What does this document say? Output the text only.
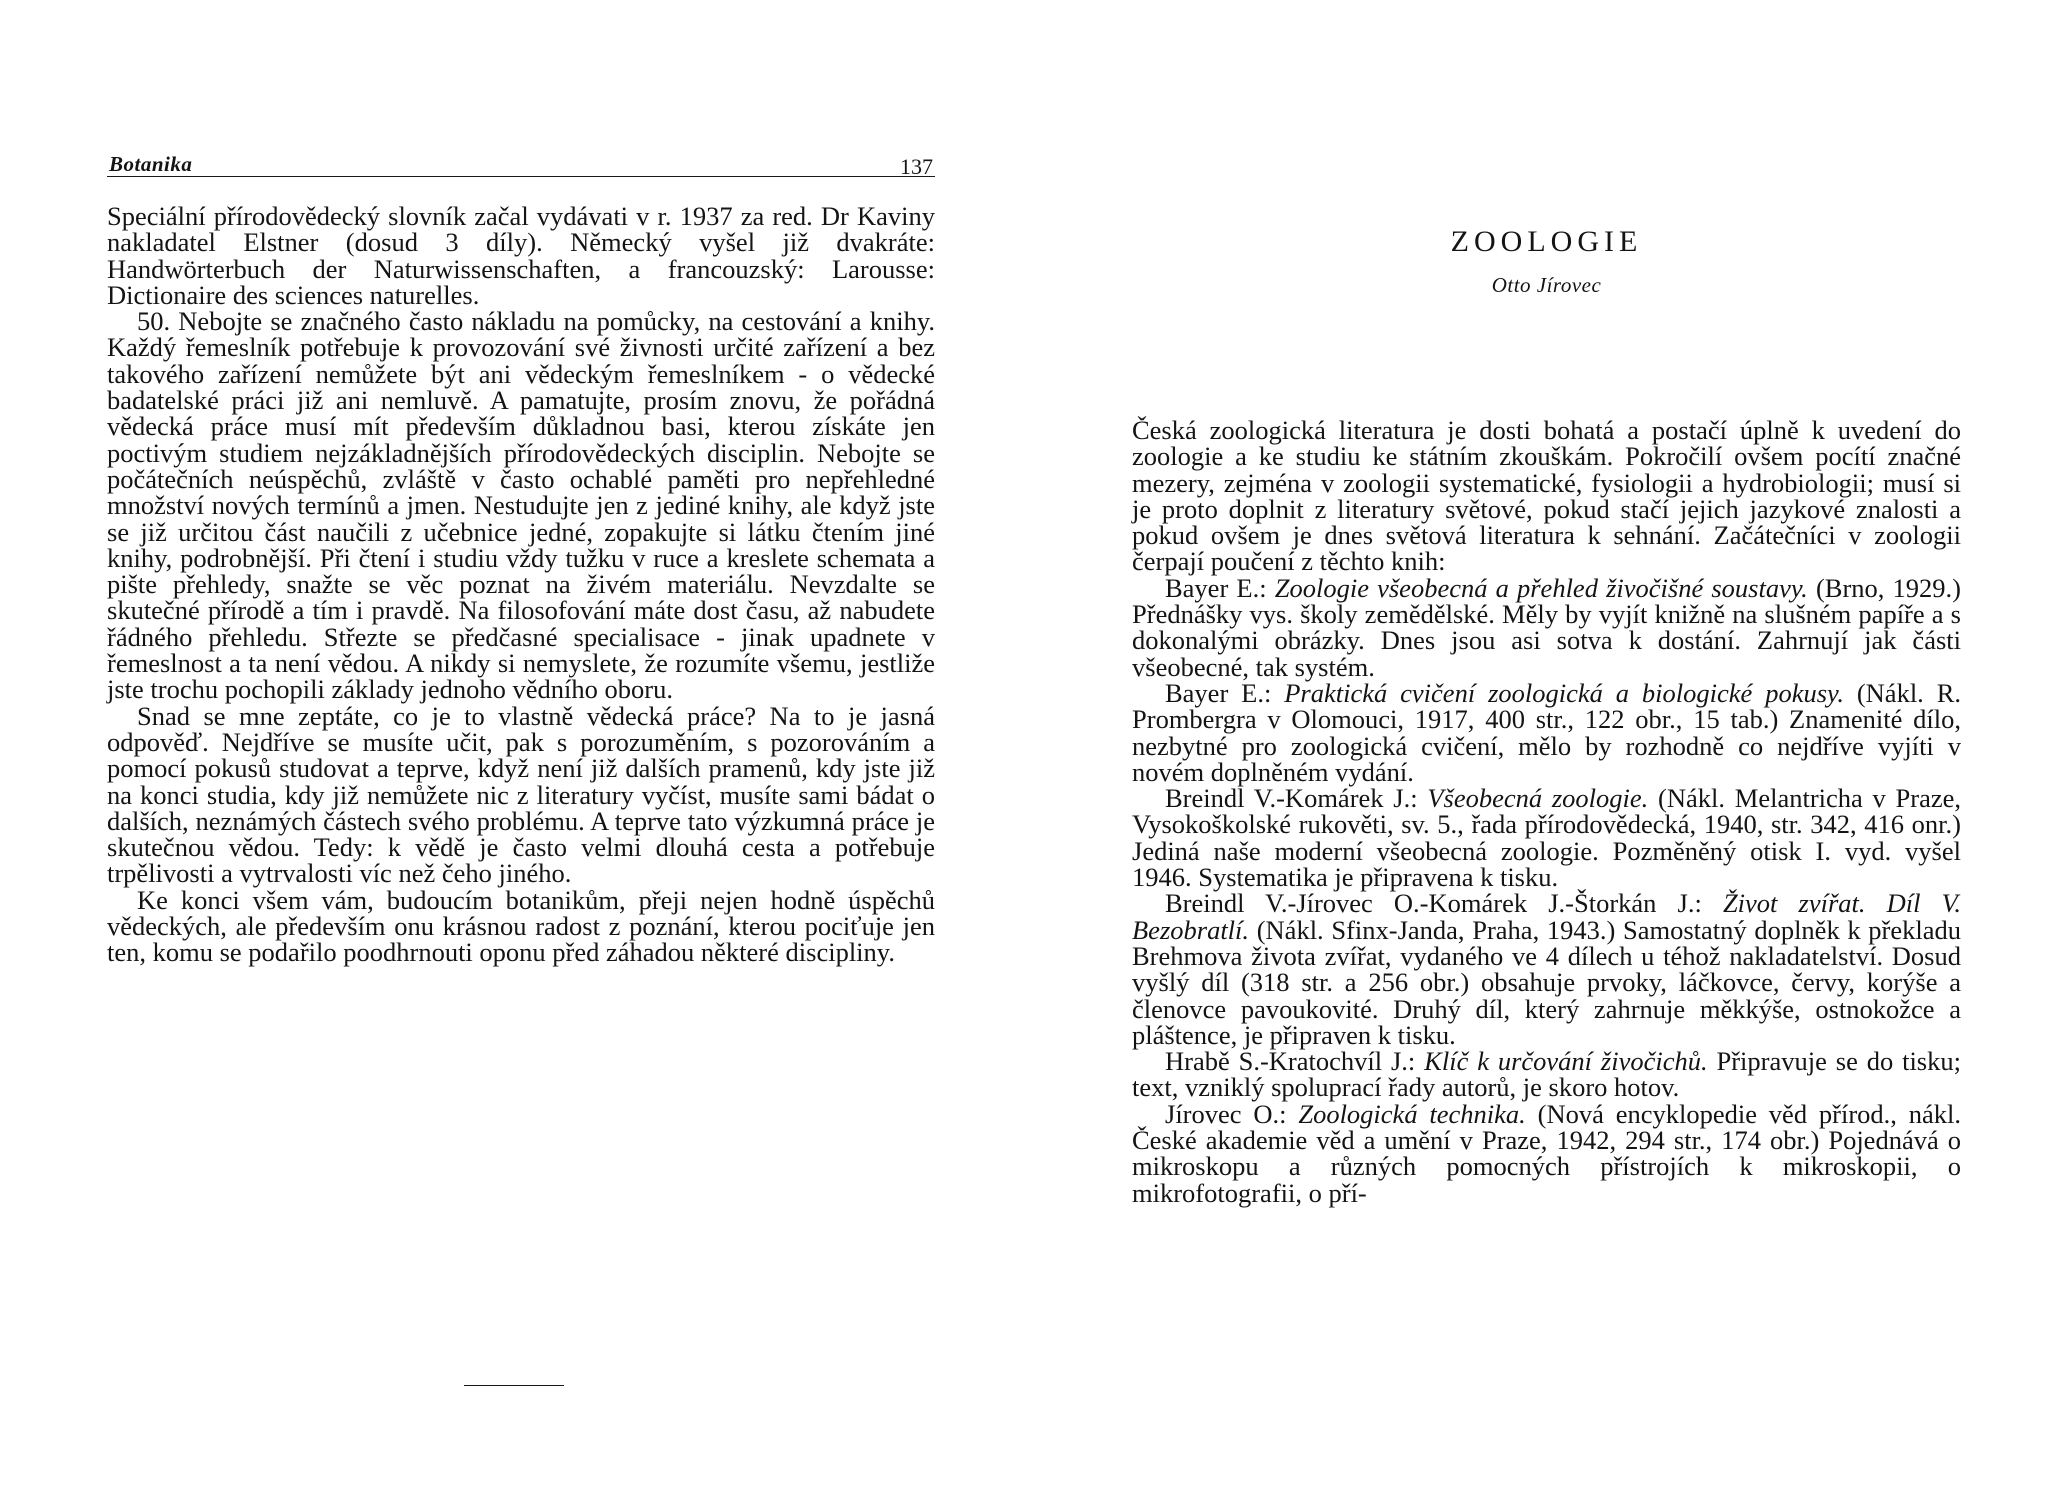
Botanika	137

Speciální přírodovědecký slovník začal vydávati v r. 1937 za red. Dr Kaviny nakladatel Elstner (dosud 3 díly). Německý vyšel již dvakráte: Handwörterbuch der Naturwissenschaften, a francouzský: Larousse: Dictionaire des sciences naturelles.

50. Nebojte se značného často nákladu na pomůcky, na cestování a knihy. Každý řemeslník potřebuje k provozování své živnosti určité zařízení a bez takového zařízení nemůžete být ani vědeckým řemeslníkem - o vědecké badatelské práci již ani nemluvě. A pamatujte, prosím znovu, že pořádná vědecká práce musí mít především důkladnou basi, kterou získáte jen poctivým studiem nejzákladnějších přírodovědeckých disciplin. Nebojte se počátečních neúspěchů, zvláště v často ochablé paměti pro nepřehledné množství nových termínů a jmen. Nestudujte jen z jediné knihy, ale když jste se již určitou část naučili z učebnice jedné, zopakujte si látku čtením jiné knihy, podrobnější. Při čtení i studiu vždy tužku v ruce a kreslete schemata a pište přehledy, snažte se věc poznat na živém materiálu. Nevzdalte se skutečné přírodě a tím i pravdě. Na filosofování máte dost času, až nabudete řádného přehledu. Střezte se předčasné specialisace - jinak upadnete v řemeslnost a ta není vědou. A nikdy si nemyslete, že rozumíte všemu, jestliže jste trochu pochopili základy jednoho vědního oboru.

Snad se mne zeptáte, co je to vlastně vědecká práce? Na to je jasná odpověď. Nejdříve se musíte učit, pak s porozuměním, s pozorováním a pomocí pokusů studovat a teprve, když není již dalších pramenů, kdy jste již na konci studia, kdy již nemůžete nic z literatury vyčíst, musíte sami bádat o dalších, neznámých částech svého problému. A teprve tato výzkumná práce je skutečnou vědou. Tedy: k vědě je často velmi dlouhá cesta a potřebuje trpělivosti a vytrvalosti víc než čeho jiného.

Ke konci všem vám, budoucím botanikům, přeji nejen hodně úspěchů vědeckých, ale především onu krásnou radost z poznání, kterou pociťuje jen ten, komu se podařilo poodhrnouti oponu před záhadou některé discipliny.

ZOOLOGIE
Otto Jírovec

Česká zoologická literatura je dosti bohatá a postačí úplně k uvedení do zoologie a ke studiu ke státním zkouškám. Pokročilí ovšem pocítí značné mezery, zejména v zoologii systematické, fysiologii a hydrobiologii; musí si je proto doplnit z literatury světové, pokud stačí jejich jazykové znalosti a pokud ovšem je dnes světová literatura k sehnání. Začátečníci v zoologii čerpají poučení z těchto knih:

Bayer E.: Zoologie všeobecná a přehled živočišné soustavy. (Brno, 1929.) Přednášky vys. školy zemědělské. Měly by vyjít knižně na slušném papíře a s dokonalými obrázky. Dnes jsou asi sotva k dostání. Zahrnují jak části všeobecné, tak systém.

Bayer E.: Praktická cvičení zoologická a biologické pokusy. (Nákl. R. Prombergra v Olomouci, 1917, 400 str., 122 obr., 15 tab.) Znamenité dílo, nezbytné pro zoologická cvičení, mělo by rozhodně co nejdříve vyjíti v novém doplněném vydání.

Breindl V.-Komárek J.: Všeobecná zoologie. (Nákl. Melantricha v Praze, Vysokoškolské rukověti, sv. 5., řada přírodovědecká, 1940, str. 342, 416 onr.) Jediná naše moderní všeobecná zoologie. Pozměněný otisk I. vyd. vyšel 1946. Systematika je připravena k tisku.

Breindl V.-Jírovec O.-Komárek J.-Štorkán J.: Život zvířat. Díl V. Bezobratlí. (Nákl. Sfinx-Janda, Praha, 1943.) Samostatný doplněk k překladu Brehmova života zvířat, vydaného ve 4 dílech u téhož nakladatelství. Dosud vyšlý díl (318 str. a 256 obr.) obsahuje prvoky, láčkovce, červy, korýše a členovce pavoukovité. Druhý díl, který zahrnuje měkkýše, ostnokožce a pláštence, je připraven k tisku.

Hrabě S.-Kratochvíl J.: Klíč k určování živočichů. Připravuje se do tisku; text, vzniklý spoluprací řady autorů, je skoro hotov.

Jírovec O.: Zoologická technika. (Nová encyklopedie věd přírod., nákl. České akademie věd a umění v Praze, 1942, 294 str., 174 obr.) Pojednává o mikroskopu a různých pomocných přístrojích k mikroskopii, o mikrofotografii, o pří-
